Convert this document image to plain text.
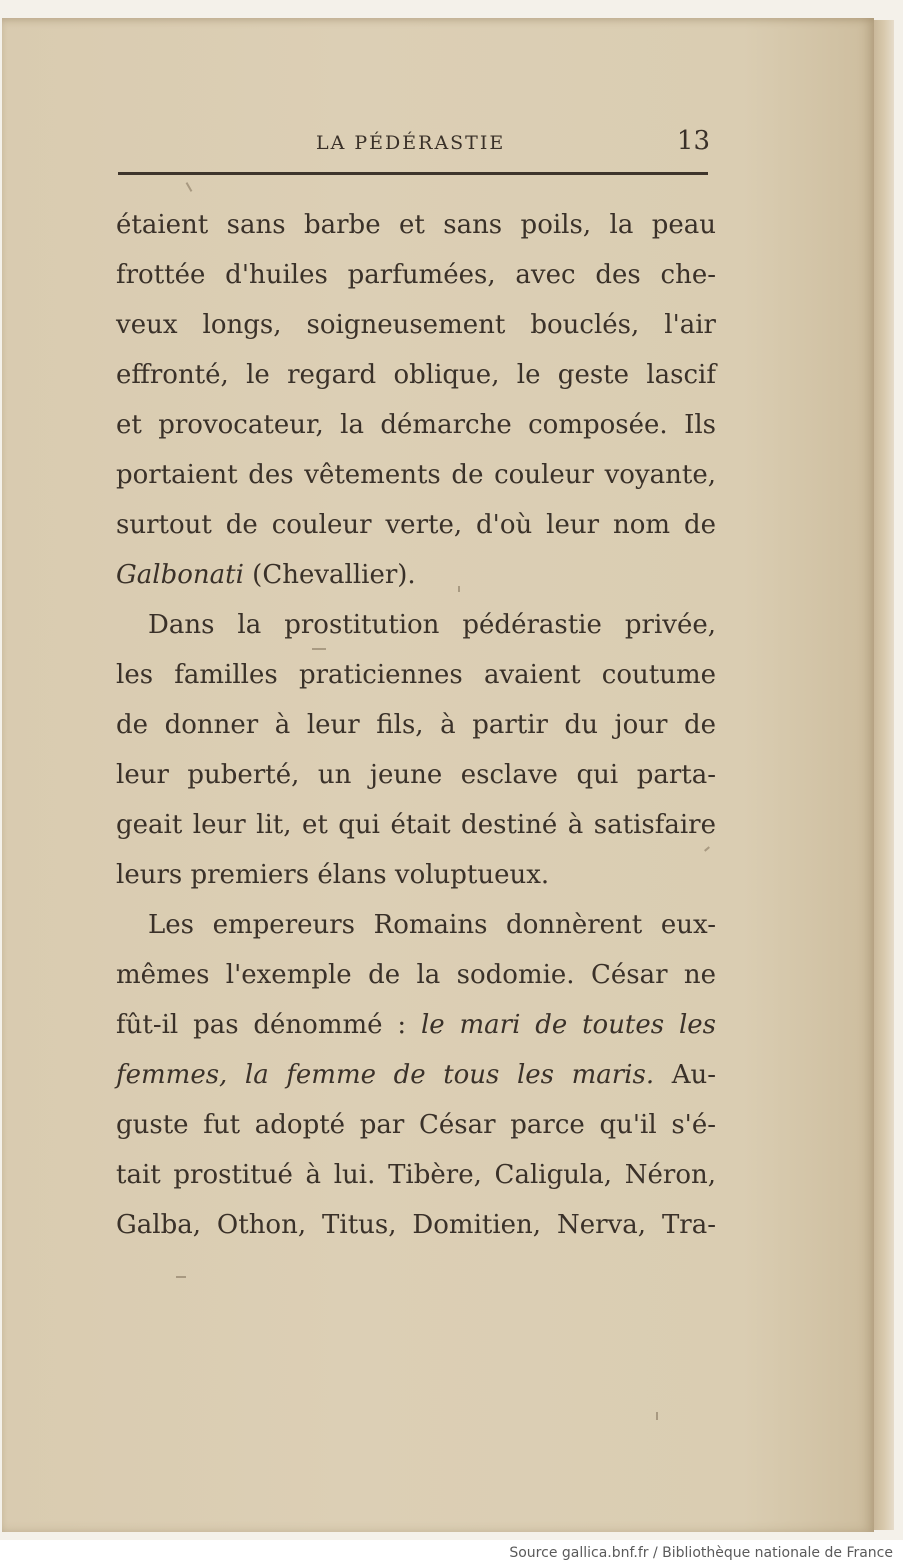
LA PÉDÉRASTIE	13
étaient sans barbe et sans poils, la peau
frottée d'huiles parfumées, avec des che-
veux longs, soigneusement bouclés, l'air
effronté, le regard oblique, le geste lascif
et provocateur, la démarche composée. Ils
portaient des vêtements de couleur voyante,
surtout de couleur verte, d'où leur nom de
Galbonati (Chevallier).
Dans la prostitution pédérastie privée,
les familles praticiennes avaient coutume
de donner à leur fils, à partir du jour de
leur puberté, un jeune esclave qui parta-
geait leur lit, et qui était destiné à satisfaire
leurs premiers élans voluptueux.
Les empereurs Romains donnèrent eux-
mêmes l'exemple de la sodomie. César ne
fût-il pas dénommé : le mari de toutes les
femmes, la femme de tous les maris. Au-
guste fut adopté par César parce qu'il s'é-
tait prostitué à lui. Tibère, Caligula, Néron,
Galba, Othon, Titus, Domitien, Nerva, Tra-
Source gallica.bnf.fr / Bibliothèque nationale de France
